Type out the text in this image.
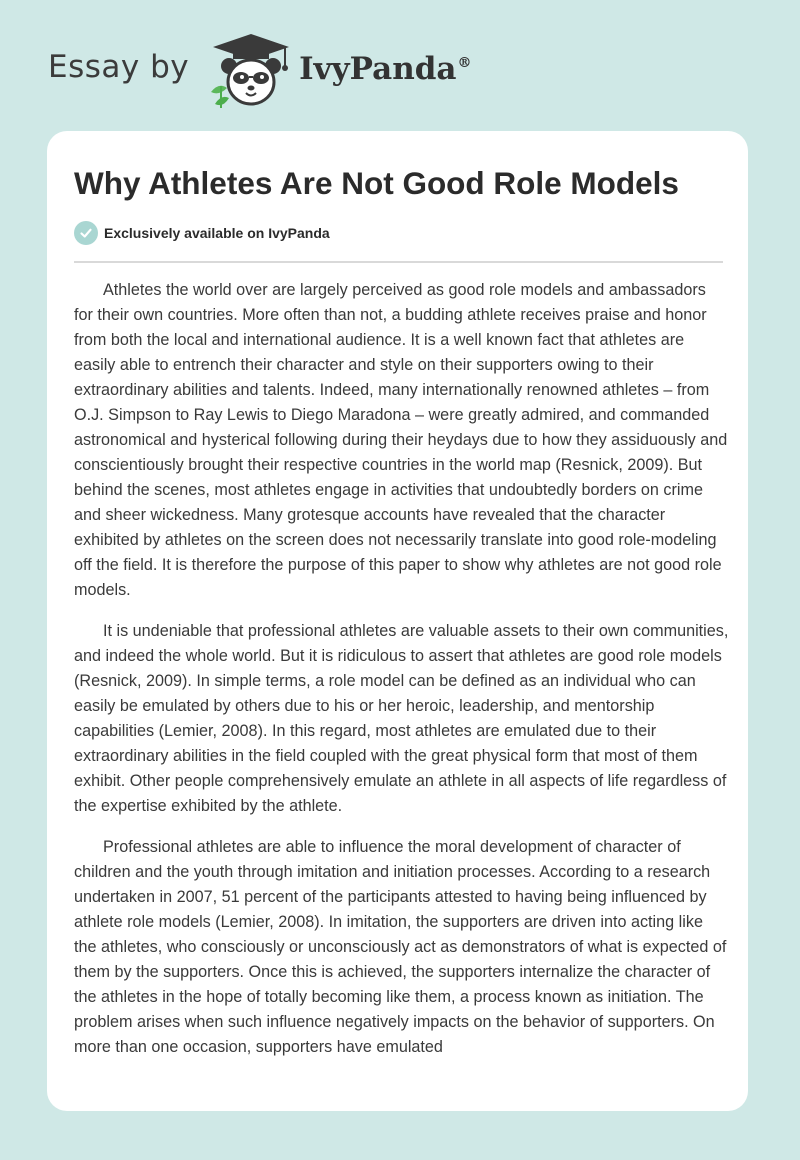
Essay by	IvyPanda®
Why Athletes Are Not Good Role Models
Exclusively available on IvyPanda

Athletes the world over are largely perceived as good role models and ambassadors for their own countries. More often than not, a budding athlete receives praise and honor from both the local and international audience. It is a well known fact that athletes are easily able to entrench their character and style on their supporters owing to their extraordinary abilities and talents. Indeed, many internationally renowned athletes – from O.J. Simpson to Ray Lewis to Diego Maradona – were greatly admired, and commanded astronomical and hysterical following during their heydays due to how they assiduously and conscientiously brought their respective countries in the world map (Resnick, 2009). But behind the scenes, most athletes engage in activities that undoubtedly borders on crime and sheer wickedness. Many grotesque accounts have revealed that the character exhibited by athletes on the screen does not necessarily translate into good role-modeling off the field. It is therefore the purpose of this paper to show why athletes are not good role models.

It is undeniable that professional athletes are valuable assets to their own communities, and indeed the whole world. But it is ridiculous to assert that athletes are good role models (Resnick, 2009). In simple terms, a role model can be defined as an individual who can easily be emulated by others due to his or her heroic, leadership, and mentorship capabilities (Lemier, 2008). In this regard, most athletes are emulated due to their extraordinary abilities in the field coupled with the great physical form that most of them exhibit. Other people comprehensively emulate an athlete in all aspects of life regardless of the expertise exhibited by the athlete.

Professional athletes are able to influence the moral development of character of children and the youth through imitation and initiation processes. According to a research undertaken in 2007, 51 percent of the participants attested to having being influenced by athlete role models (Lemier, 2008). In imitation, the supporters are driven into acting like the athletes, who consciously or unconsciously act as demonstrators of what is expected of them by the supporters. Once this is achieved, the supporters internalize the character of the athletes in the hope of totally becoming like them, a process known as initiation. The problem arises when such influence negatively impacts on the behavior of supporters. On more than one occasion, supporters have emulated
